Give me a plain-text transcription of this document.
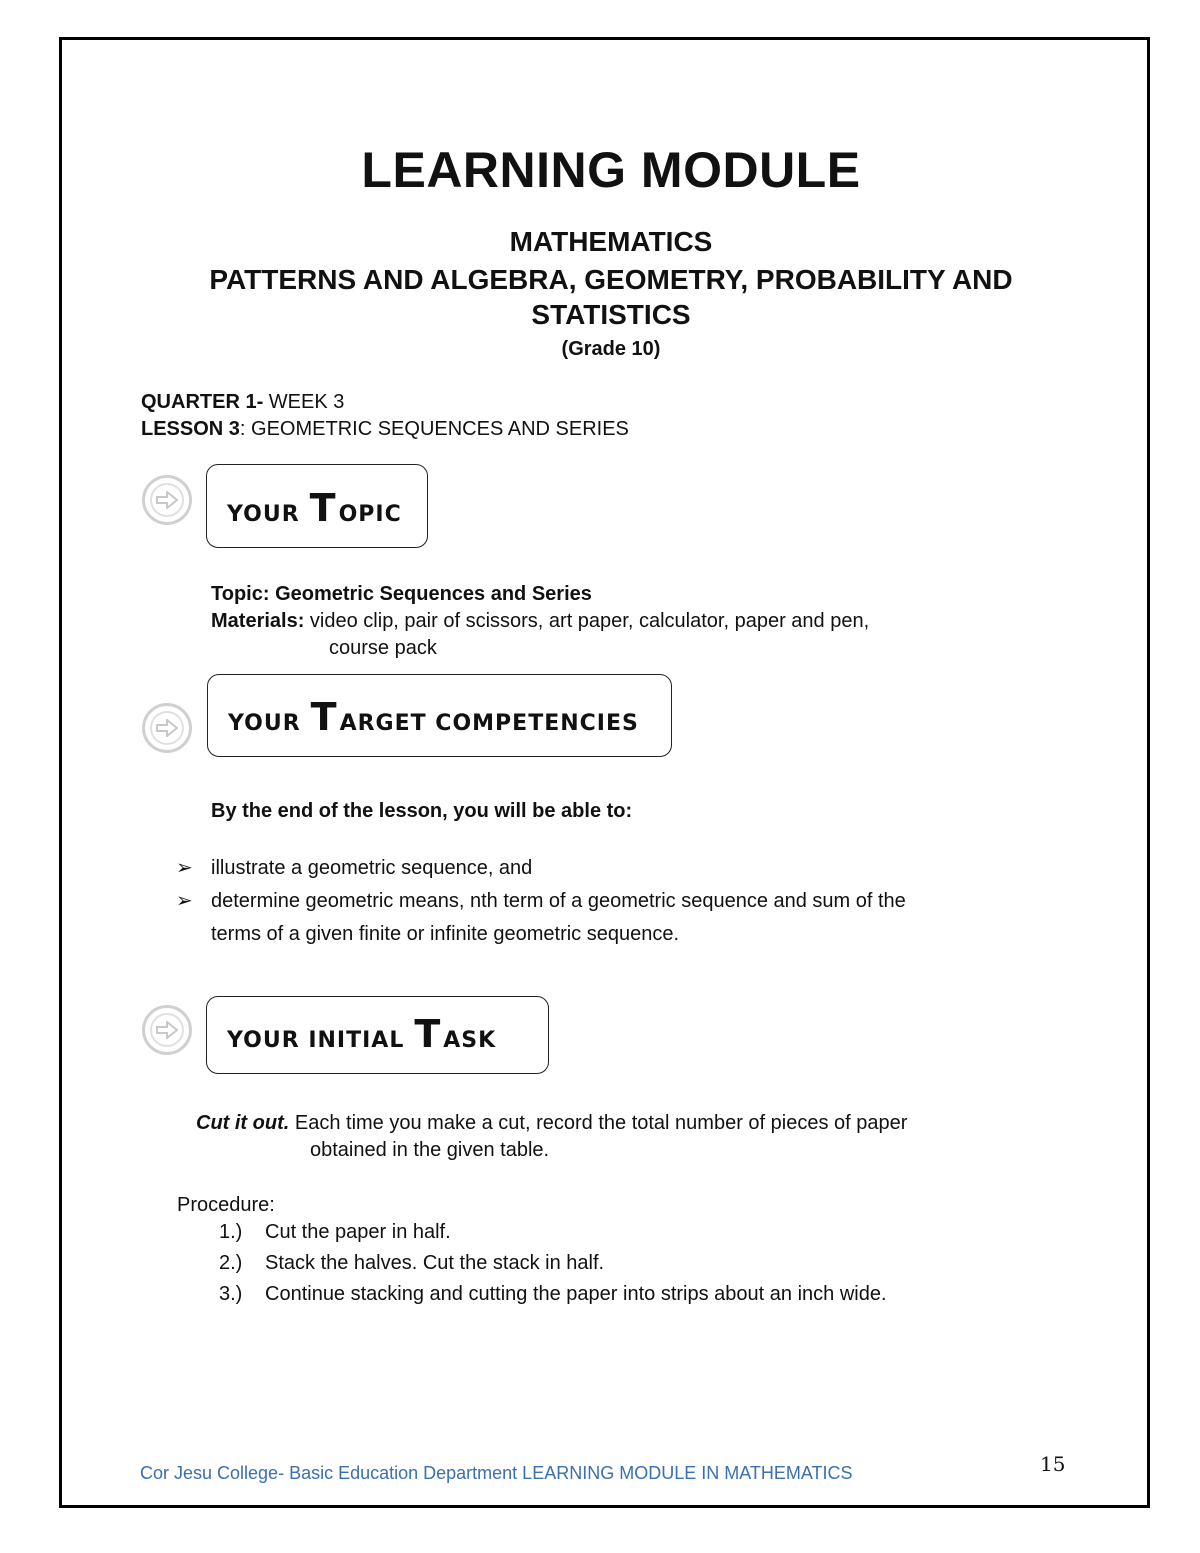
LEARNING MODULE
MATHEMATICS
PATTERNS AND ALGEBRA, GEOMETRY, PROBABILITY AND
STATISTICS
(Grade 10)
QUARTER 1- WEEK 3
LESSON 3: GEOMETRIC SEQUENCES AND SERIES
YOUR T OPIC
Topic: Geometric Sequences and Series
Materials: video clip, pair of scissors, art paper, calculator, paper and pen,
course pack
YOUR T ARGET COMPETENCIES
By the end of the lesson, you will be able to:
➢ illustrate a geometric sequence, and
➢ determine geometric means, nth term of a geometric sequence and sum of the
terms of a given finite or infinite geometric sequence.
YOUR INITIAL T ASK
Cut it out. Each time you make a cut, record the total number of pieces of paper
obtained in the given table.
Procedure:
1.) Cut the paper in half.
2.) Stack the halves. Cut the stack in half.
3.) Continue stacking and cutting the paper into strips about an inch wide.
Cor Jesu College- Basic Education Department LEARNING MODULE IN MATHEMATICS	15
